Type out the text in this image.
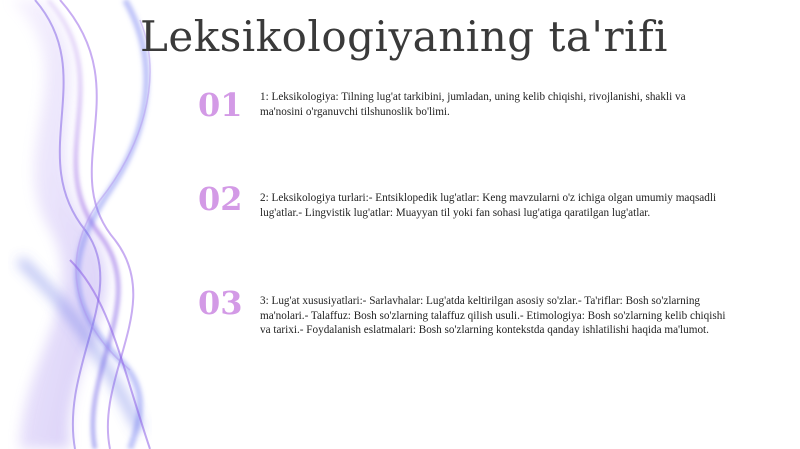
Leksikologiyaning ta'rifi
01 1: Leksikologiya: Tilning lug'at tarkibini, jumladan, uning kelib chiqishi, rivojlanishi, shakli va ma'nosini o'rganuvchi tilshunoslik bo'limi.
02 2: Leksikologiya turlari:- Entsiklopedik lug'atlar: Keng mavzularni o'z ichiga olgan umumiy maqsadli lug'atlar.- Lingvistik lug'atlar: Muayyan til yoki fan sohasi lug'atiga qaratilgan lug'atlar.
03 3: Lug'at xususiyatlari:- Sarlavhalar: Lug'atda keltirilgan asosiy so'zlar.- Ta'riflar: Bosh so'zlarning ma'nolari.- Talaffuz: Bosh so'zlarning talaffuz qilish usuli.- Etimologiya: Bosh so'zlarning kelib chiqishi va tarixi.- Foydalanish eslatmalari: Bosh so'zlarning kontekstda qanday ishlatilishi haqida ma'lumot.
